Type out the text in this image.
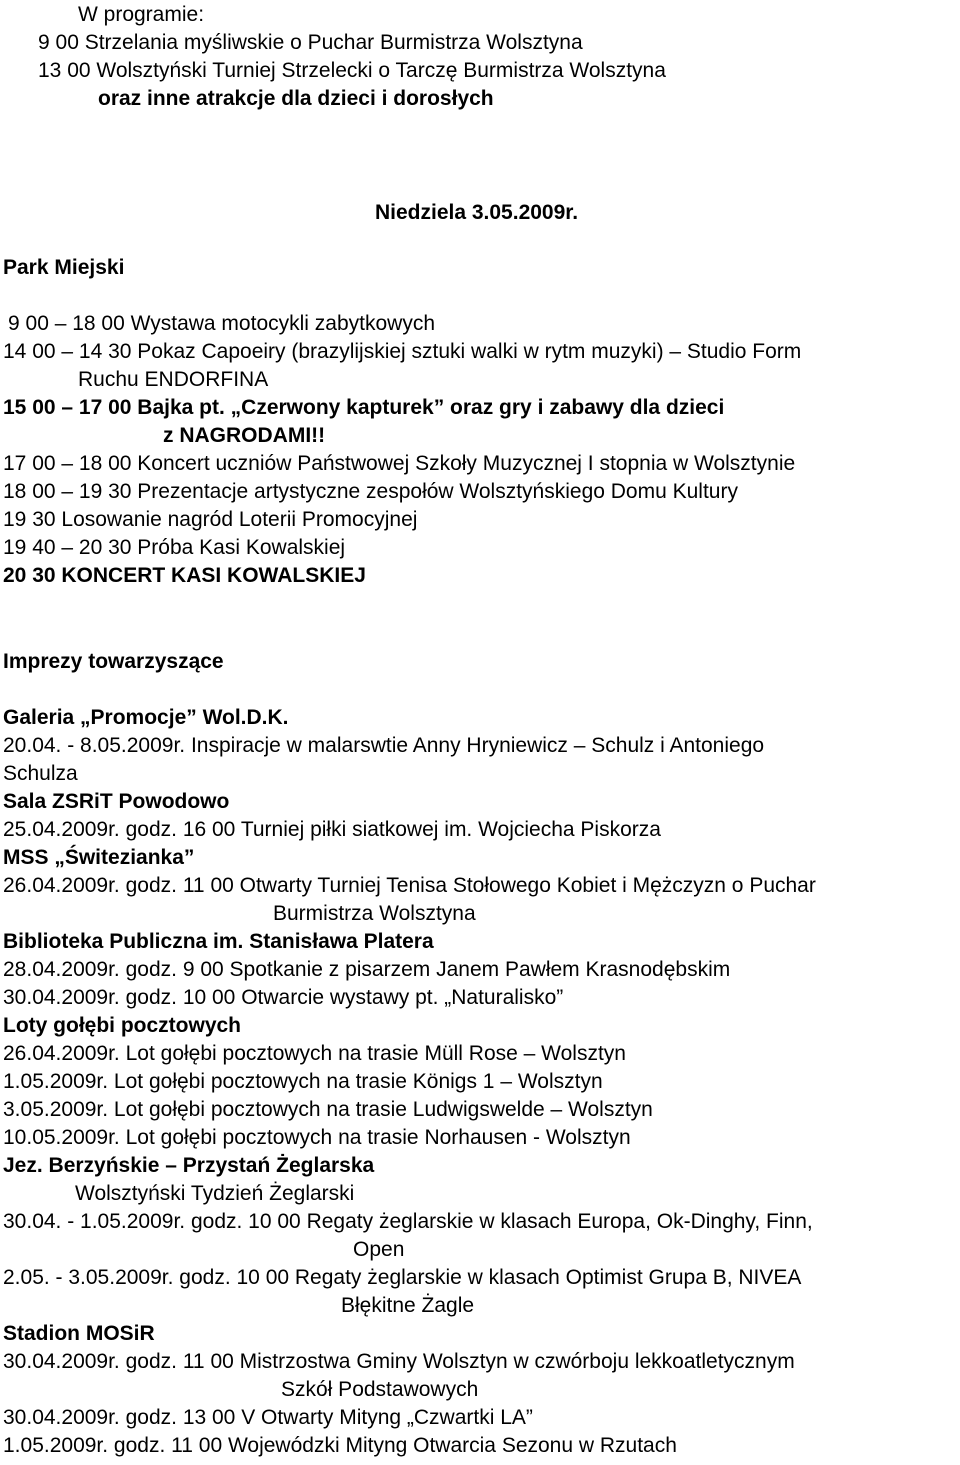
W programie:
9 00 Strzelania myśliwskie o Puchar Burmistrza Wolsztyna
13 00 Wolsztyński Turniej Strzelecki o Tarczę Burmistrza Wolsztyna
oraz inne atrakcje dla dzieci i dorosłych
Niedziela 3.05.2009r.
Park Miejski
9 00 – 18 00 Wystawa motocykli zabytkowych
14 00 – 14 30 Pokaz Capoeiry (brazylijskiej sztuki walki w rytm muzyki) – Studio Form
Ruchu ENDORFINA
15 00 – 17 00 Bajka pt. „Czerwony kapturek” oraz gry i zabawy dla dzieci
z NAGRODAMI!!
17 00 – 18 00 Koncert uczniów Państwowej Szkoły Muzycznej I stopnia w Wolsztynie
18 00 – 19 30 Prezentacje artystyczne zespołów Wolsztyńskiego Domu Kultury
19 30 Losowanie nagród Loterii Promocyjnej
19 40 – 20 30 Próba Kasi Kowalskiej
20 30 KONCERT KASI KOWALSKIEJ
Imprezy towarzyszące
Galeria „Promocje” Wol.D.K.
20.04. - 8.05.2009r. Inspiracje w malarswtie Anny Hryniewicz – Schulz i Antoniego
Schulza
Sala ZSRiT Powodowo
25.04.2009r. godz. 16 00 Turniej piłki siatkowej im. Wojciecha Piskorza
MSS „Świtezianka”
26.04.2009r. godz. 11 00 Otwarty Turniej Tenisa Stołowego Kobiet i Mężczyzn o Puchar
Burmistrza Wolsztyna
Biblioteka Publiczna im. Stanisława Platera
28.04.2009r. godz. 9 00 Spotkanie z pisarzem Janem Pawłem Krasnodębskim
30.04.2009r. godz. 10 00 Otwarcie wystawy pt. „Naturalisko”
Loty gołębi pocztowych
26.04.2009r. Lot gołębi pocztowych na trasie Müll Rose – Wolsztyn
1.05.2009r. Lot gołębi pocztowych na trasie Königs 1 – Wolsztyn
3.05.2009r. Lot gołębi pocztowych na trasie Ludwigswelde – Wolsztyn
10.05.2009r. Lot gołębi pocztowych na trasie Norhausen - Wolsztyn
Jez. Berzyńskie – Przystań Żeglarska
Wolsztyński Tydzień Żeglarski
30.04. - 1.05.2009r. godz. 10 00 Regaty żeglarskie w klasach Europa, Ok-Dinghy, Finn,
Open
2.05. - 3.05.2009r. godz. 10 00 Regaty żeglarskie w klasach Optimist Grupa B, NIVEA
Błękitne Żagle
Stadion MOSiR
30.04.2009r. godz. 11 00 Mistrzostwa Gminy Wolsztyn w czwórboju lekkoatletycznym
Szkół Podstawowych
30.04.2009r. godz. 13 00 V Otwarty Mityng „Czwartki LA”
1.05.2009r. godz. 11 00 Wojewódzki Mityng Otwarcia Sezonu w Rzutach
